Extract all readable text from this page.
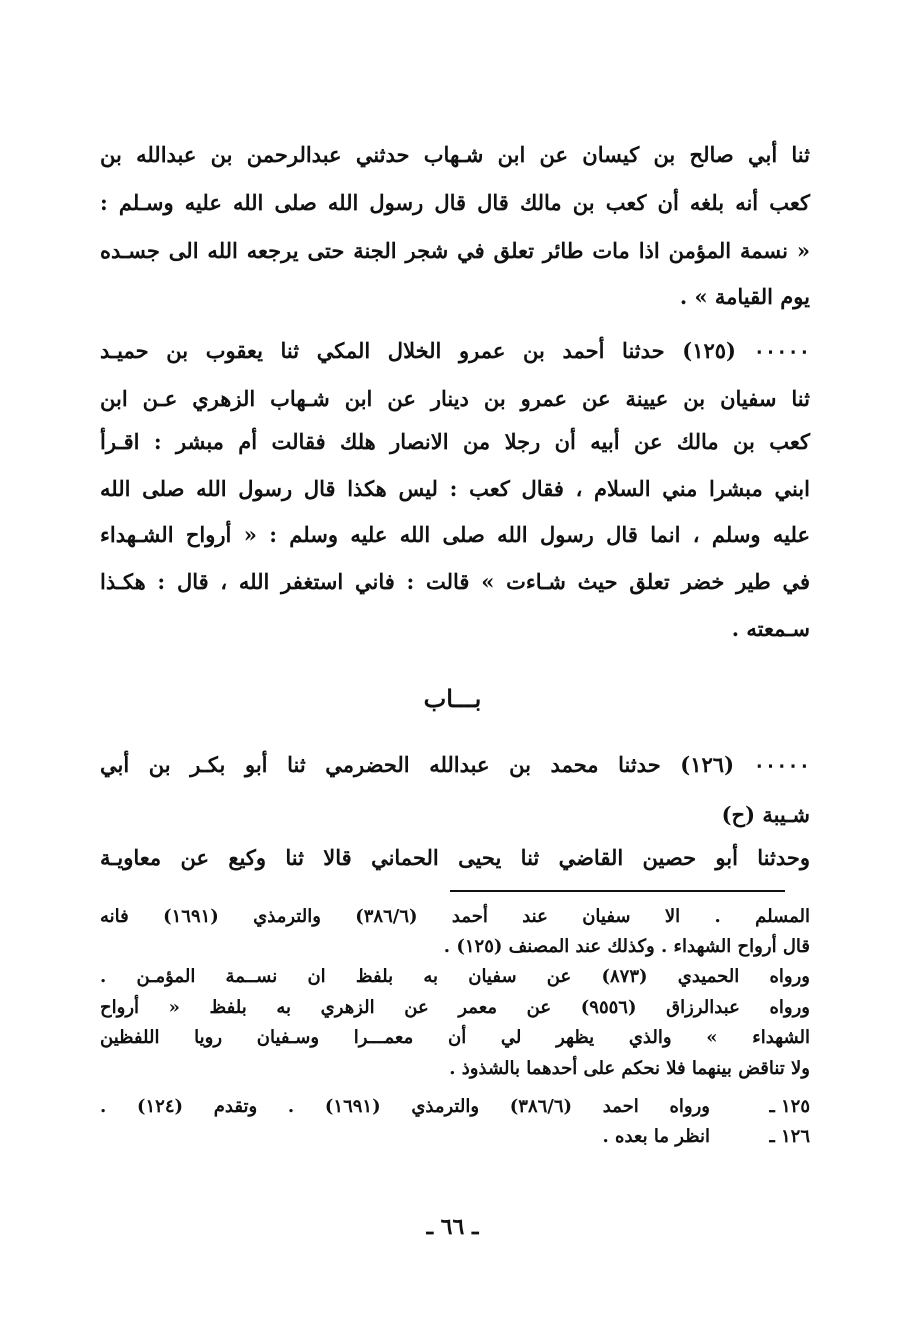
ثنا أبي صالح بن كيسان عن ابن شـهاب حدثني عبدالرحمن بن عبدالله بن
كعب أنه بلغه أن كعب بن مالك قال قال رسول الله صلى الله عليه وسـلم :
« نسمة المؤمن اذا مات طائر تعلق في شجر الجنة حتى يرجعه الله الى جسـده
يوم القيامة » .
٠٠٠٠٠ (١٢٥) حدثنا أحمد بن عمرو الخلال المكي ثنا يعقوب بن حميـد
ثنا سفيان بن عيينة عن عمرو بن دينار عن ابن شـهاب الزهري عـن ابن
كعب بن مالك عن أبيه أن رجلا من الانصار هلك فقالت أم مبشر : اقـرأ
ابني مبشرا مني السلام ، فقال كعب : ليس هكذا قال رسول الله صلى الله
عليه وسلم ، انما قال رسول الله صلى الله عليه وسلم : « أرواح الشـهداء
في طير خضر تعلق حيث شـاءت » قالت : فاني استغفر الله ، قال : هكـذا
سـمعته .
بـــاب
٠٠٠٠٠ (١٢٦) حدثنا محمد بن عبدالله الحضرمي ثنا أبو بكـر بن أبي
شـيبة (ح)
وحدثنا أبو حصين القاضي ثنا يحيى الحماني قالا ثنا وكيع عن معاويـة
المسلم . الا سفيان عند أحمد (٣٨٦/٦) والترمذي (١٦٩١) فانه
قال أرواح الشهداء . وكذلك عند المصنف (١٢٥) .
ورواه الحميدي (٨٧٣) عن سفيان به بلفظ ان نســمة المؤمـن .
ورواه عبدالرزاق (٩٥٥٦) عن معمر عن الزهري به بلفظ « أرواح
الشهداء » والذي يظهر لي أن معمـــرا وسـفيان رويا اللفظين
ولا تناقض بينهما فلا نحكم على أحدهما بالشذوذ .
١٢٥ ـ
ورواه احمد (٣٨٦/٦) والترمذي (١٦٩١) . وتقدم (١٢٤) .
١٢٦ ـ
انظر ما بعده .
ـ ٦٦ ـ
